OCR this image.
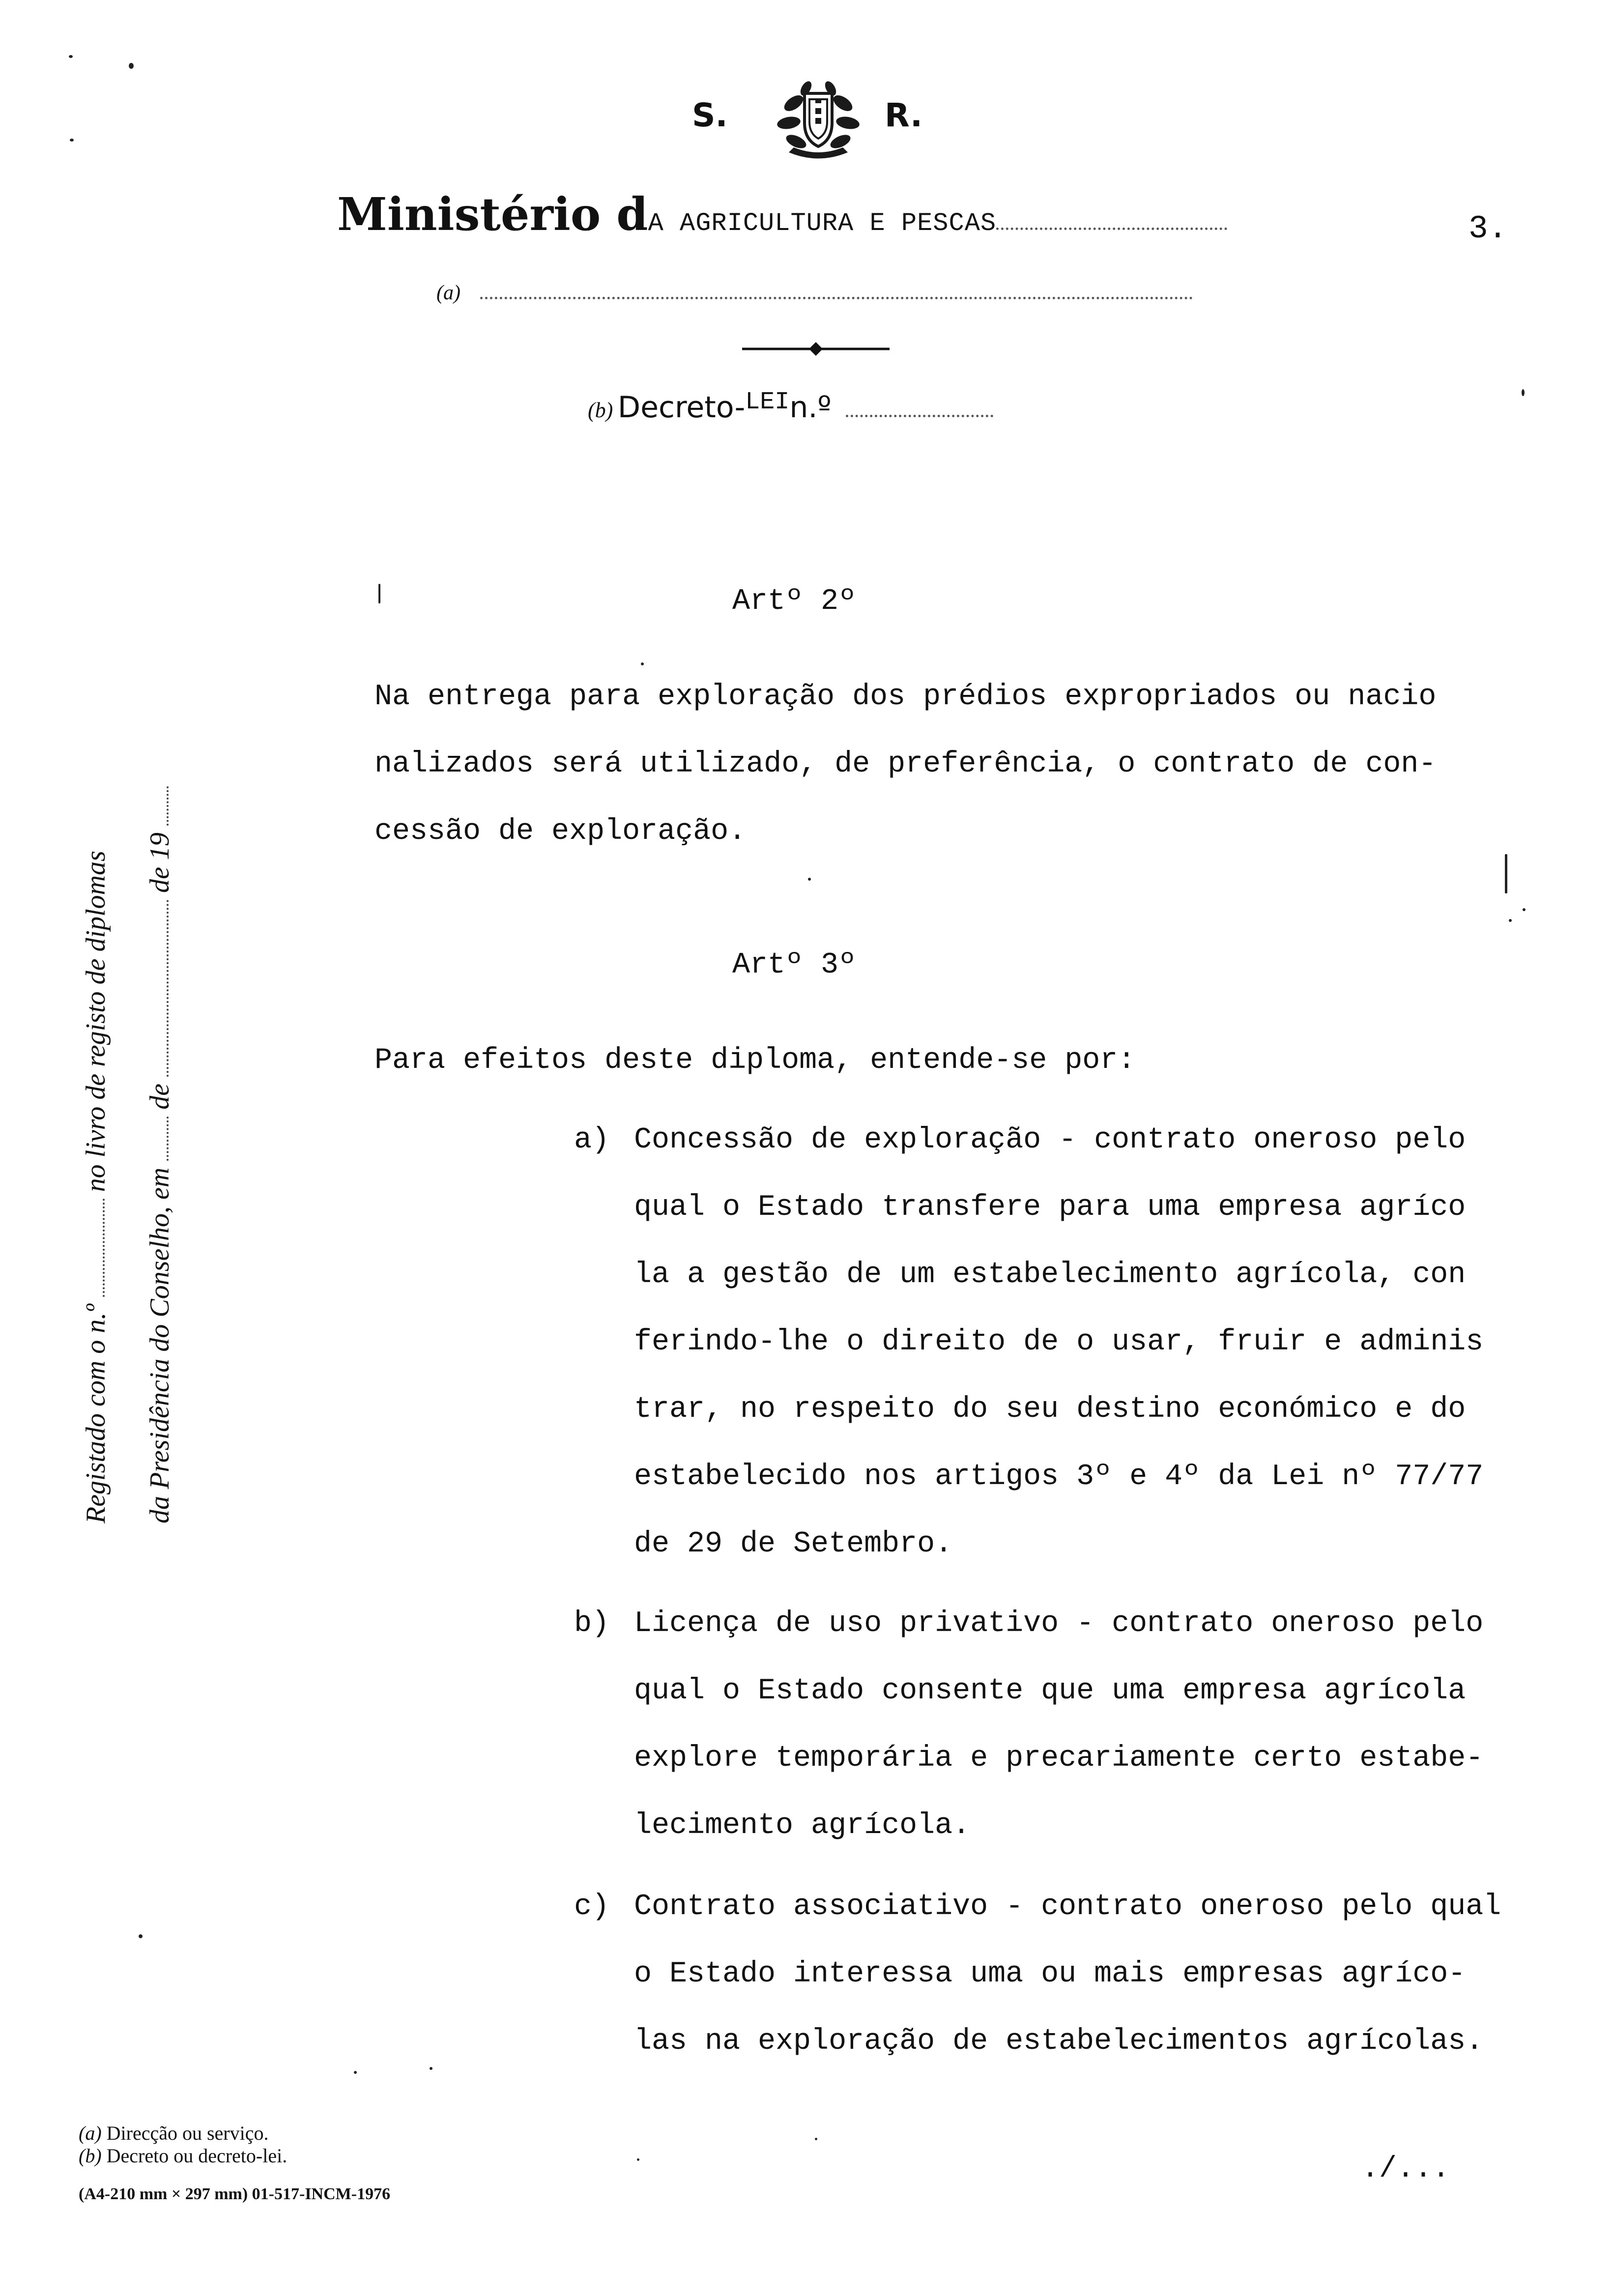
S.	R.
Ministério dA AGRICULTURA E PESCAS	3.
(a)
(b) Decreto-LEIn.º
Registado com o n.º  no livro de registo de diplomas
da Presidência do Conselho, em  de  de 19
Artº 2º
Na entrega para exploração dos prédios expropriados ou nacio
nalizados será utilizado, de preferência, o contrato de con-
cessão de exploração.
Artº 3º
Para efeitos deste diploma, entende-se por:
a) Concessão de exploração - contrato oneroso pelo
qual o Estado transfere para uma empresa agríco
la a gestão de um estabelecimento agrícola, con
ferindo-lhe o direito de o usar, fruir e adminis
trar, no respeito do seu destino económico e do
estabelecido nos artigos 3º e 4º da Lei nº 77/77
de 29 de Setembro.
b) Licença de uso privativo - contrato oneroso pelo
qual o Estado consente que uma empresa agrícola
explore temporária e precariamente certo estabe-
lecimento agrícola.
c) Contrato associativo - contrato oneroso pelo qual
o Estado interessa uma ou mais empresas agríco-
las na exploração de estabelecimentos agrícolas.
(a) Direcção ou serviço.
(b) Decreto ou decreto-lei.
(A4-210 mm × 297 mm) 01-517-INCM-1976
./...
